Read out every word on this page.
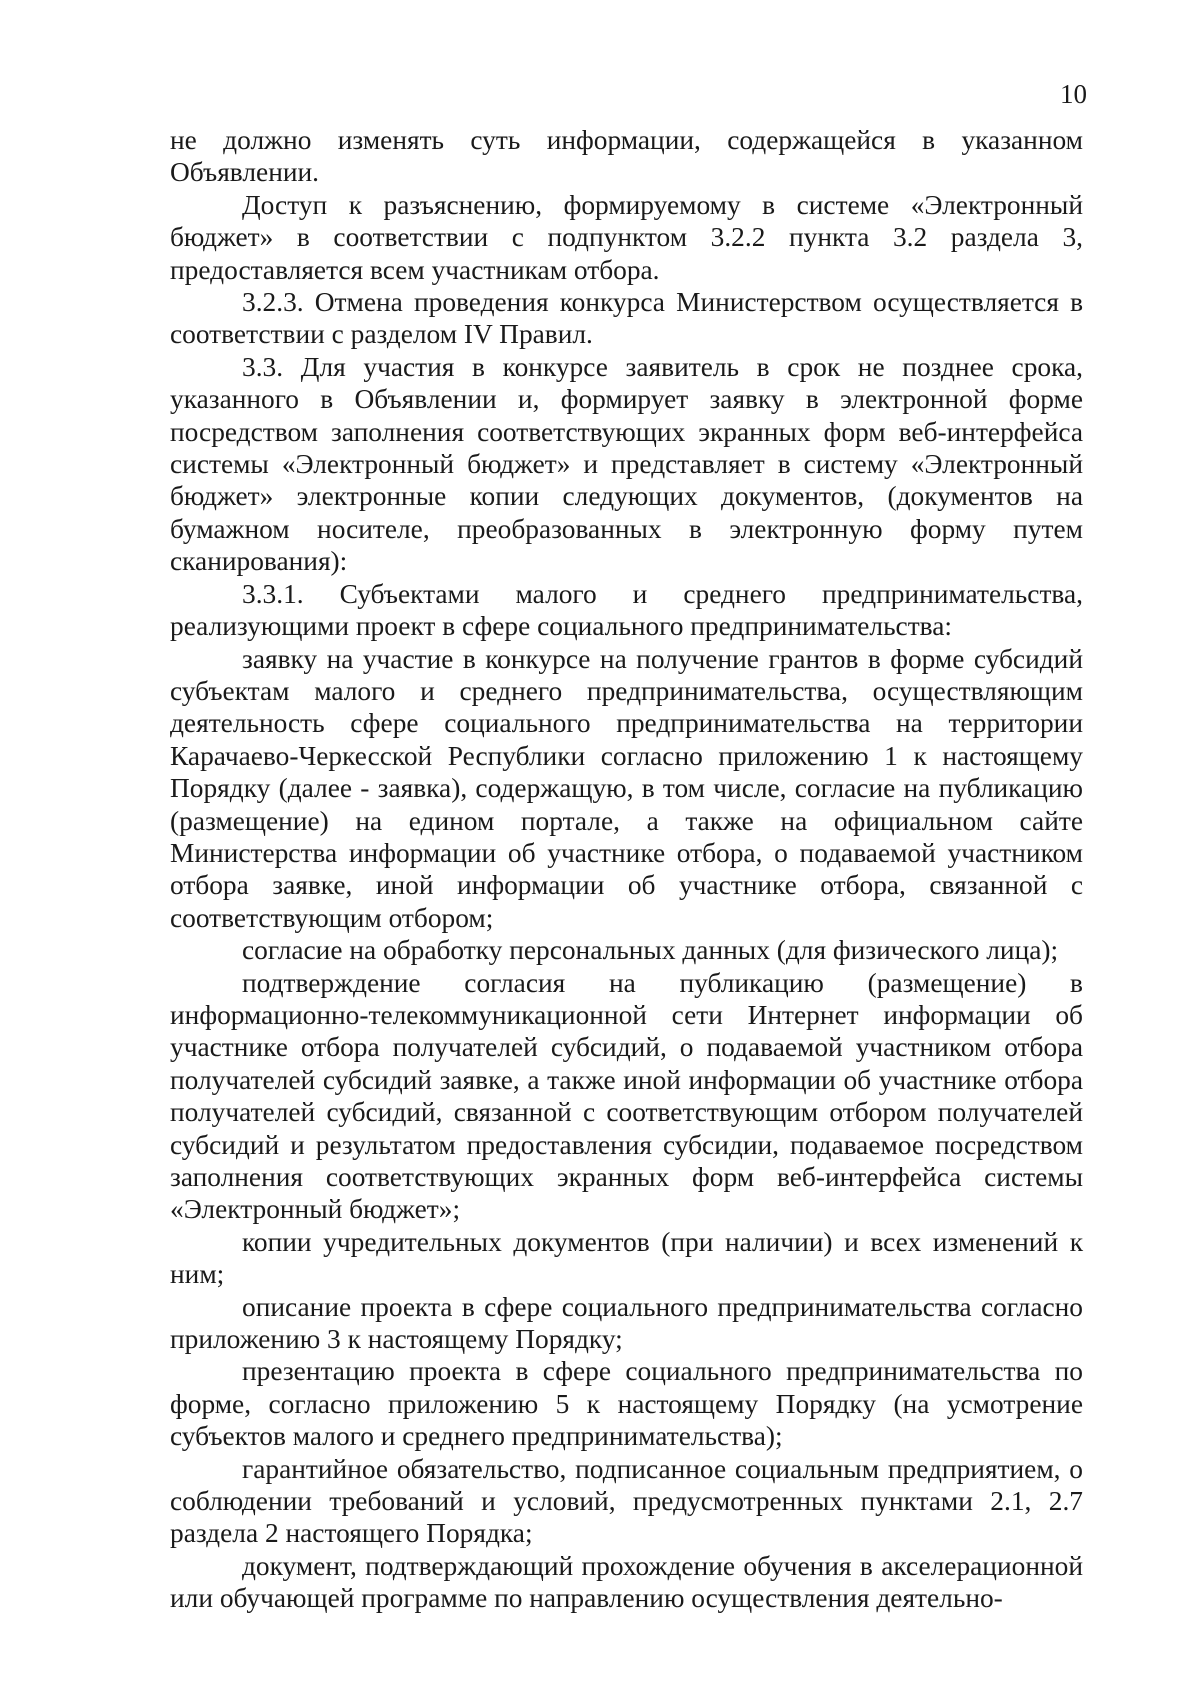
10

не должно изменять суть информации, содержащейся в указанном Объявлении.

Доступ к разъяснению, формируемому в системе «Электронный бюджет» в соответствии с подпунктом 3.2.2 пункта 3.2 раздела 3, предоставляется всем участникам отбора.

3.2.3. Отмена проведения конкурса Министерством осуществляется в соответствии с разделом IV Правил.

3.3. Для участия в конкурсе заявитель в срок не позднее срока, указанного в Объявлении и, формирует заявку в электронной форме посредством заполнения соответствующих экранных форм веб-интерфейса системы «Электронный бюджет» и представляет в систему «Электронный бюджет» электронные копии следующих документов, (документов на бумажном носителе, преобразованных в электронную форму путем сканирования):

3.3.1. Субъектами малого и среднего предпринимательства, реализующими проект в сфере социального предпринимательства:

заявку на участие в конкурсе на получение грантов в форме субсидий субъектам малого и среднего предпринимательства, осуществляющим деятельность сфере социального предпринимательства на территории Карачаево-Черкесской Республики согласно приложению 1 к настоящему Порядку (далее - заявка), содержащую, в том числе, согласие на публикацию (размещение) на едином портале, а также на официальном сайте Министерства информации об участнике отбора, о подаваемой участником отбора заявке, иной информации об участнике отбора, связанной с соответствующим отбором;

согласие на обработку персональных данных (для физического лица);

подтверждение согласия на публикацию (размещение) в информационно-телекоммуникационной сети Интернет информации об участнике отбора получателей субсидий, о подаваемой участником отбора получателей субсидий заявке, а также иной информации об участнике отбора получателей субсидий, связанной с соответствующим отбором получателей субсидий и результатом предоставления субсидии, подаваемое посредством заполнения соответствующих экранных форм веб-интерфейса системы «Электронный бюджет»;

копии учредительных документов (при наличии) и всех изменений к ним;

описание проекта в сфере социального предпринимательства согласно приложению 3 к настоящему Порядку;

презентацию проекта в сфере социального предпринимательства по форме, согласно приложению 5 к настоящему Порядку (на усмотрение субъектов малого и среднего предпринимательства);

гарантийное обязательство, подписанное социальным предприятием, о соблюдении требований и условий, предусмотренных пунктами 2.1, 2.7 раздела 2 настоящего Порядка;

документ, подтверждающий прохождение обучения в акселерационной или обучающей программе по направлению осуществления деятельно-
